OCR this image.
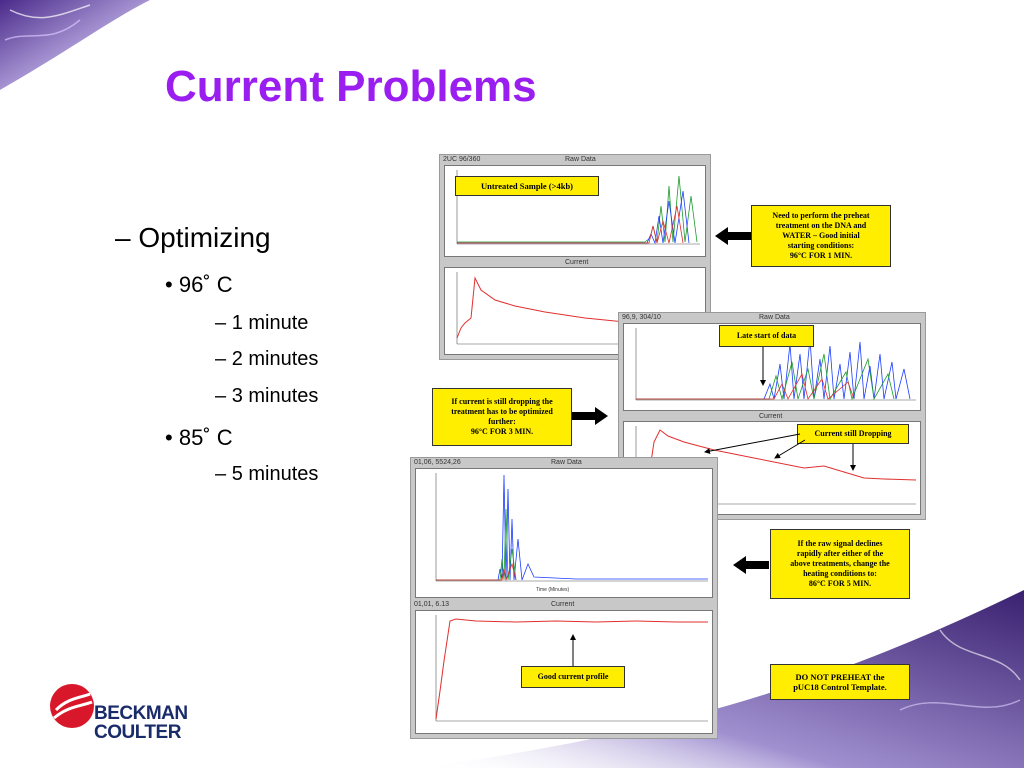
Current Problems
– Optimizing
• 96˚ C
– 1 minute
– 2 minutes
– 3 minutes
• 85˚ C
– 5 minutes
2UC 96/360	Raw Data
Current
96,9, 304/10	Raw Data
Current
01,06, 5524,26	Raw Data
Time (Minutes)
01,01, 6.13	Current
Untreated Sample (>4kb)
Need to perform the preheat
treatment on the DNA and
WATER – Good initial
starting conditions:
96°C FOR 1 MIN.
Late start of data
If current is still dropping the
treatment has to be optimized
further:
96°C FOR 3 MIN.	Current still Dropping
If the raw signal declines
rapidly after either of the
above treatments, change the
heating conditions to:
86°C FOR 5 MIN.
Good current profile	DO NOT PREHEAT the
pUC18 Control Template.
BECKMAN
COULTER
